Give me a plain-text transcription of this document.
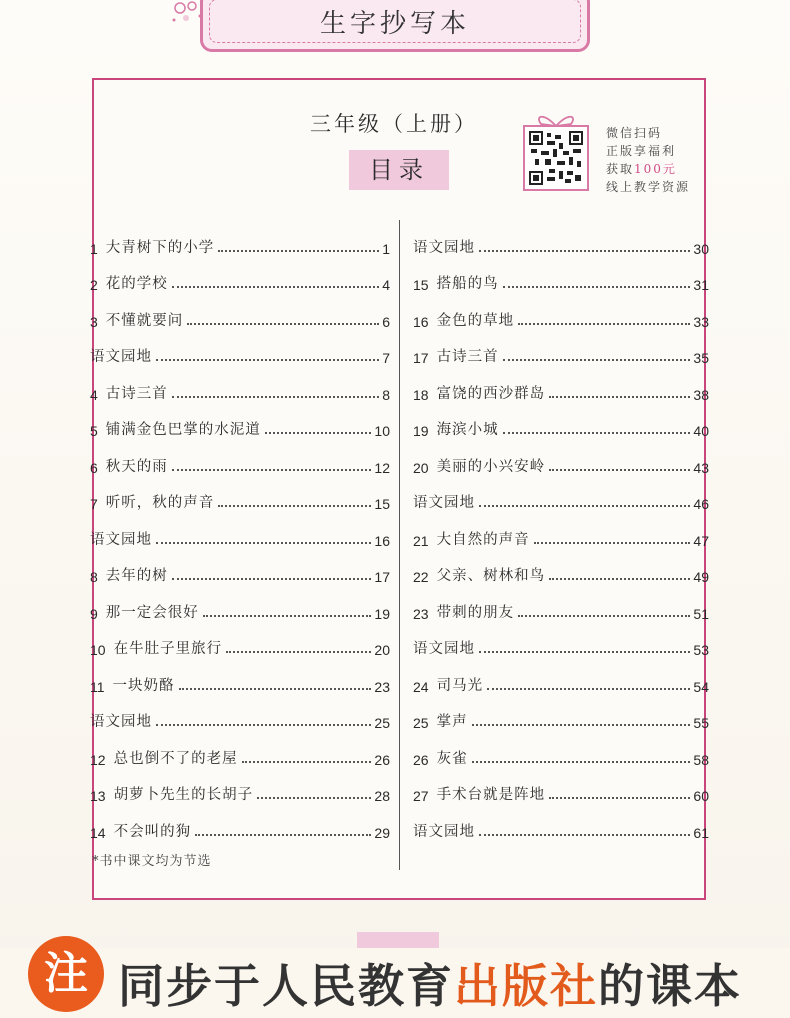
生字抄写本
三年级（上册）
目录
微信扫码
正版享福利
获取100元
线上教学资源
1 大青树下的小学	1
2 花的学校	4
3 不懂就要问	6
语文园地	7
4 古诗三首	8
5 铺满金色巴掌的水泥道	10
6 秋天的雨	12
7 听听，秋的声音	15
语文园地	16
8 去年的树	17
9 那一定会很好	19
10 在牛肚子里旅行	20
11 一块奶酪	23
语文园地	25
12 总也倒不了的老屋	26
13 胡萝卜先生的长胡子	28
14 不会叫的狗	29
语文园地	30
15 搭船的鸟	31
16 金色的草地	33
17 古诗三首	35
18 富饶的西沙群岛	38
19 海滨小城	40
20 美丽的小兴安岭	43
语文园地	46
21 大自然的声音	47
22 父亲、树林和鸟	49
23 带刺的朋友	51
语文园地	53
24 司马光	54
25 掌声	55
26 灰雀	58
27 手术台就是阵地	60
语文园地	61
*书中课文均为节选
注 同步于人民教育出版社的课本
